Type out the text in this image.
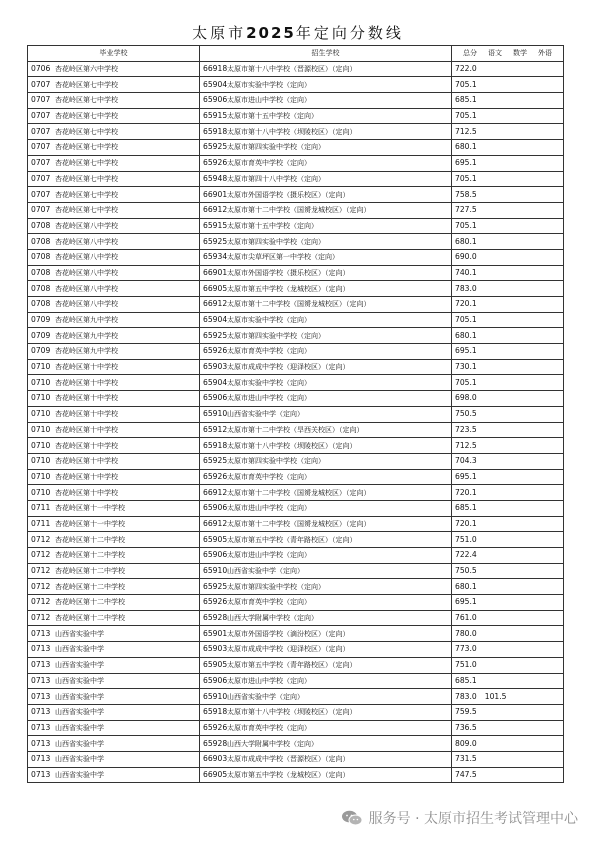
太原市2025年定向分数线
毕业学校	招生学校	总分 语文 数学 外语
0706 杏花岭区第六中学校	66918太原市第十八中学校（晋源校区）（定向）	722.0
0707 杏花岭区第七中学校	65904太原市实验中学校（定向）	705.1
0707 杏花岭区第七中学校	65906太原市进山中学校（定向）	685.1
0707 杏花岭区第七中学校	65915太原市第十五中学校（定向）	705.1
0707 杏花岭区第七中学校	65918太原市第十八中学校（坝陵校区）（定向）	712.5
0707 杏花岭区第七中学校	65925太原市第四实验中学校（定向）	680.1
0707 杏花岭区第七中学校	65926太原市育英中学校（定向）	695.1
0707 杏花岭区第七中学校	65948太原市第四十八中学校（定向）	705.1
0707 杏花岭区第七中学校	66901太原市外国语学校（摄乐校区）（定向）	758.5
0707 杏花岭区第七中学校	66912太原市第十二中学校（国赟龙城校区）（定向）	727.5
0708 杏花岭区第八中学校	65915太原市第十五中学校（定向）	705.1
0708 杏花岭区第八中学校	65925太原市第四实验中学校（定向）	680.1
0708 杏花岭区第八中学校	65934太原市尖草坪区第一中学校（定向）	690.0
0708 杏花岭区第八中学校	66901太原市外国语学校（摄乐校区）（定向）	740.1
0708 杏花岭区第八中学校	66905太原市第五中学校（龙城校区）（定向）	783.0
0708 杏花岭区第八中学校	66912太原市第十二中学校（国赟龙城校区）（定向）	720.1
0709 杏花岭区第九中学校	65904太原市实验中学校（定向）	705.1
0709 杏花岭区第九中学校	65925太原市第四实验中学校（定向）	680.1
0709 杏花岭区第九中学校	65926太原市育英中学校（定向）	695.1
0710 杏花岭区第十中学校	65903太原市成成中学校（迎泽校区）（定向）	730.1
0710 杏花岭区第十中学校	65904太原市实验中学校（定向）	705.1
0710 杏花岭区第十中学校	65906太原市进山中学校（定向）	698.0
0710 杏花岭区第十中学校	65910山西省实验中学（定向）	750.5
0710 杏花岭区第十中学校	65912太原市第十二中学校（旱西关校区）（定向）	723.5
0710 杏花岭区第十中学校	65918太原市第十八中学校（坝陵校区）（定向）	712.5
0710 杏花岭区第十中学校	65925太原市第四实验中学校（定向）	704.3
0710 杏花岭区第十中学校	65926太原市育英中学校（定向）	695.1
0710 杏花岭区第十中学校	66912太原市第十二中学校（国赟龙城校区）（定向）	720.1
0711 杏花岭区第十一中学校	65906太原市进山中学校（定向）	685.1
0711 杏花岭区第十一中学校	66912太原市第十二中学校（国赟龙城校区）（定向）	720.1
0712 杏花岭区第十二中学校	65905太原市第五中学校（青年路校区）（定向）	751.0
0712 杏花岭区第十二中学校	65906太原市进山中学校（定向）	722.4
0712 杏花岭区第十二中学校	65910山西省实验中学（定向）	750.5
0712 杏花岭区第十二中学校	65925太原市第四实验中学校（定向）	680.1
0712 杏花岭区第十二中学校	65926太原市育英中学校（定向）	695.1
0712 杏花岭区第十二中学校	65928山西大学附属中学校（定向）	761.0
0713 山西省实验中学	65901太原市外国语学校（滴汾校区）（定向）	780.0
0713 山西省实验中学	65903太原市成成中学校（迎泽校区）（定向）	773.0
0713 山西省实验中学	65905太原市第五中学校（青年路校区）（定向）	751.0
0713 山西省实验中学	65906太原市进山中学校（定向）	685.1
0713 山西省实验中学	65910山西省实验中学（定向）	783.0 101.5
0713 山西省实验中学	65918太原市第十八中学校（坝陵校区）（定向）	759.5
0713 山西省实验中学	65926太原市育英中学校（定向）	736.5
0713 山西省实验中学	65928山西大学附属中学校（定向）	809.0
0713 山西省实验中学	66903太原市成成中学校（晋源校区）（定向）	731.5
0713 山西省实验中学	66905太原市第五中学校（龙城校区）（定向）	747.5
服务号 · 太原市招生考试管理中心
